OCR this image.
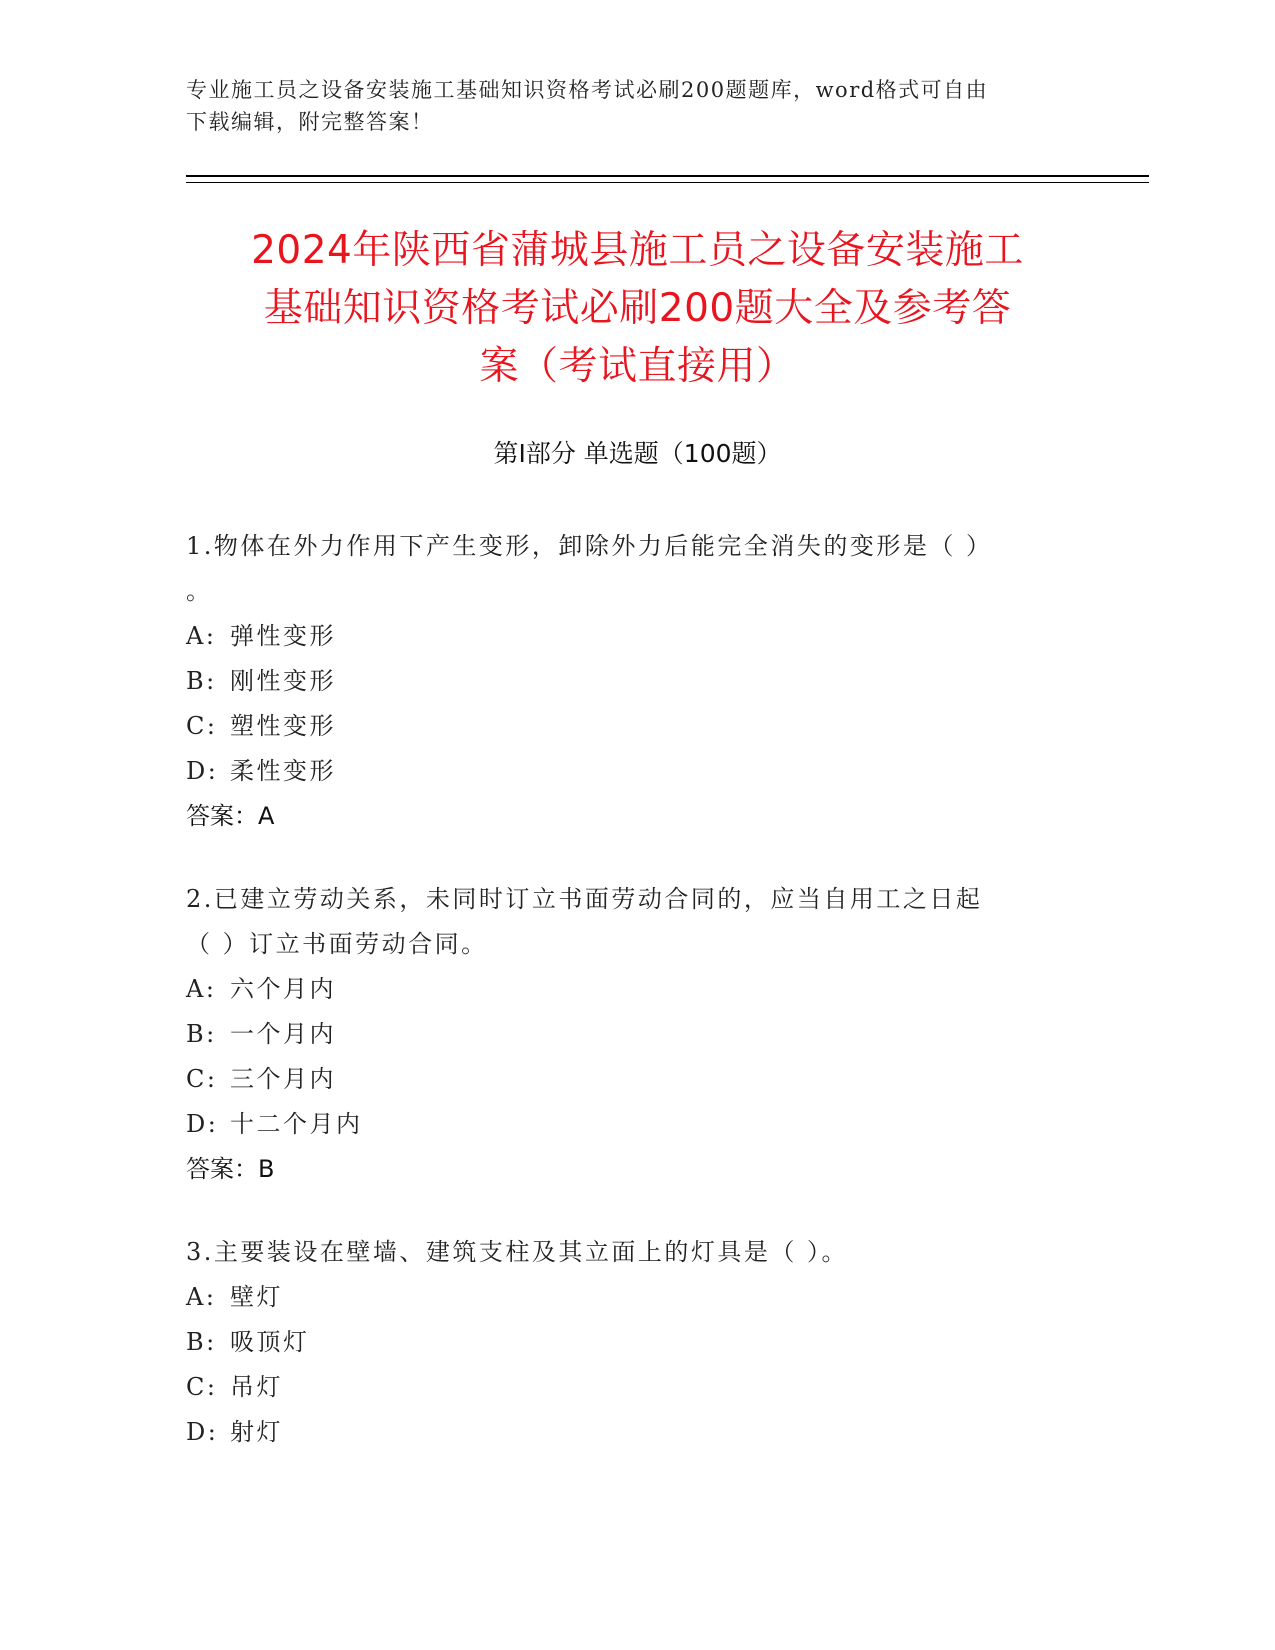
专业施工员之设备安装施工基础知识资格考试必刷200题题库，word格式可自由
下载编辑，附完整答案！
2024年陕西省蒲城县施工员之设备安装施工
基础知识资格考试必刷200题大全及参考答
案（考试直接用）
第Ⅰ部分 单选题（100题）
1.物体在外力作用下产生变形，卸除外力后能完全消失的变形是（ ）
。
A: 弹性变形
B: 刚性变形
C: 塑性变形
D: 柔性变形
答案：A
2.已建立劳动关系，未同时订立书面劳动合同的，应当自用工之日起
（ ）订立书面劳动合同。
A: 六个月内
B: 一个月内
C: 三个月内
D: 十二个月内
答案：B
3.主要装设在壁墙、建筑支柱及其立面上的灯具是（ ）。
A: 壁灯
B: 吸顶灯
C: 吊灯
D: 射灯
